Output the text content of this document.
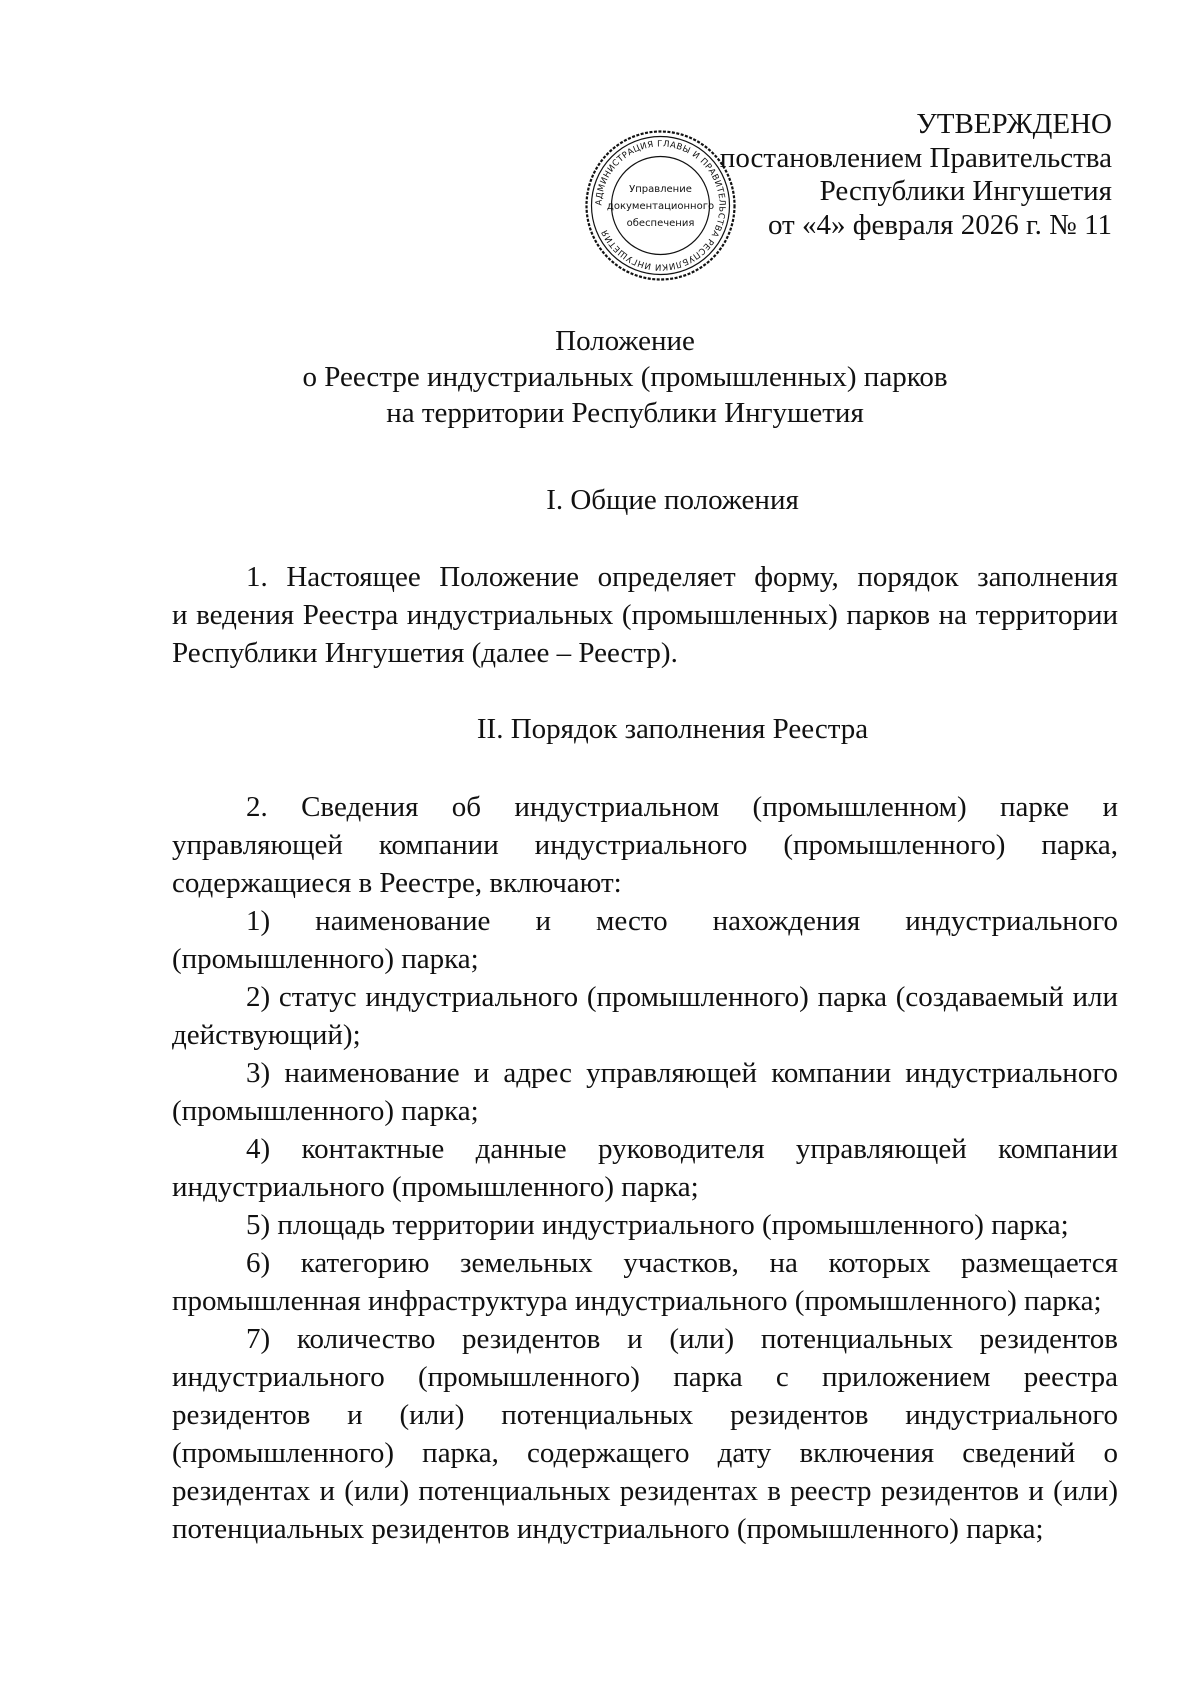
УТВЕРЖДЕНО
постановлением Правительства
Республики Ингушетия
от «4» февраля 2026 г. № 11
АДМИНИСТРАЦИЯ ГЛАВЫ И ПРАВИТЕЛЬСТВА РЕСПУБЛИКИ ИНГУШЕТИЯ
Управление
документационного
обеспечения
Положение
о Реестре индустриальных (промышленных) парков
на территории Республики Ингушетия
I. Общие положения
1. Настоящее Положение определяет форму, порядок заполнения
и ведения Реестра индустриальных (промышленных) парков на территории
Республики Ингушетия (далее – Реестр).
II. Порядок заполнения Реестра
2. Сведения об индустриальном (промышленном) парке и
управляющей компании индустриального (промышленного) парка,
содержащиеся в Реестре, включают:
1) наименование и место нахождения индустриального
(промышленного) парка;
2) статус индустриального (промышленного) парка (создаваемый или
действующий);
3) наименование и адрес управляющей компании индустриального
(промышленного) парка;
4) контактные данные руководителя управляющей компании
индустриального (промышленного) парка;
5) площадь территории индустриального (промышленного) парка;
6) категорию земельных участков, на которых размещается
промышленная инфраструктура индустриального (промышленного) парка;
7) количество резидентов и (или) потенциальных резидентов
индустриального (промышленного) парка с приложением реестра
резидентов и (или) потенциальных резидентов индустриального
(промышленного) парка, содержащего дату включения сведений о
резидентах и (или) потенциальных резидентах в реестр резидентов и (или)
потенциальных резидентов индустриального (промышленного) парка;
